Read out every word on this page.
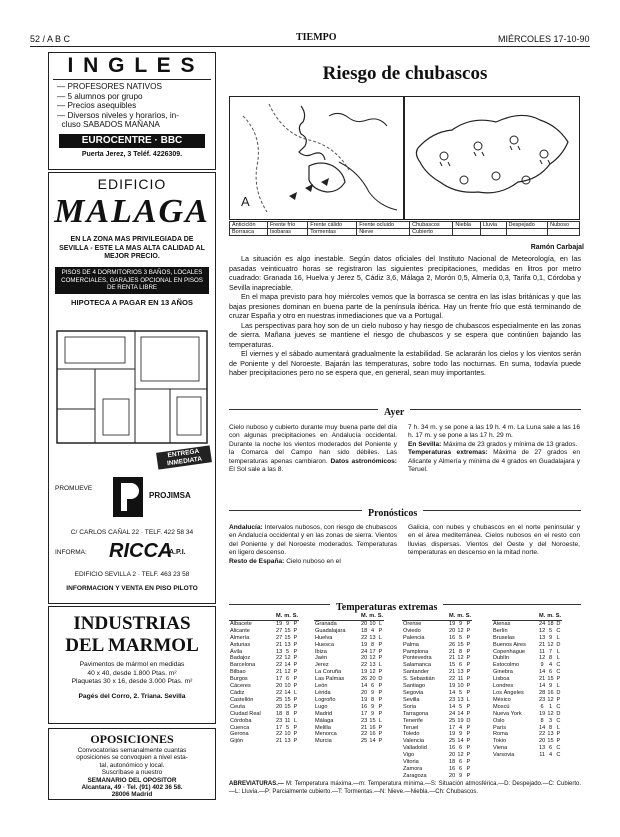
52 / A B C	TIEMPO	MIÉRCOLES 17-10-90
I N G L E S
— PROFESORES NATIVOS
— 5 alumnos por grupo
— Precios asequibles
— Diversos niveles y horarios, in-
cluso SABADOS MAÑANA
EUROCENTRE · BBC
Puerta Jerez, 3 Teléf. 4226309.
EDIFICIO
MALAGA
EN LA ZONA MAS PRIVILEGIADA DE SEVILLA - ESTE LA MAS ALTA CALIDAD AL MEJOR PRECIO.
PISOS DE 4 DORMITORIOS 3 BAÑOS, LOCALES COMERCIALES, GARAJES OPCIONAL EN PISOS DE RENTA LIBRE
HIPOTECA A PAGAR EN 13 AÑOS
ENTREGA INMEDIATA
PROMUEVE
PROJIMSA
C/ CARLOS CAÑAL 22 · TELF. 422 58 34
INFORMA: RICCA
A.P.I.
EDIFICIO SEVILLA 2 · TELF. 463 23 58
INFORMACION Y VENTA EN PISO PILOTO
INDUSTRIAS
DEL MARMOL
Pavimentos de mármol en medidas
40 x 40, desde 1.800 Ptas. m²
Plaquetas 30 x 16, desde 3.000 Ptas. m²
Pagés del Corro, 2. Triana. Sevilla
OPOSICIONES
Convocatorias semanalmente cuantas
oposiciones se convoquen a nivel esta-
tal, autonómico y local.
Suscríbase a nuestro
SEMANARIO DEL OPOSITOR
Alcantara, 49 · Tel. (91) 402 36 58.
28006 Madrid
Riesgo de chubascos
A
Anticiclón	Frente frío	Frente cálido	Frente ocluido	Chubascos	Niebla	Lluvia	Despejado	Nuboso
Borrasca	Isobaras	Tormentas	Nieve	Cubierto				
Ramón Carbajal

La situación es algo inestable. Según datos oficiales del Instituto Nacional de Meteorología, en las pasadas veinticuatro horas se registraron las siguientes precipitaciones, medidas en litros por metro cuadrado: Granada 16, Huelva y Jerez 5, Cádiz 3,6, Málaga 2, Morón 0,5, Almería 0,3, Tarifa 0,1, Córdoba y Sevilla inapreciable.

En el mapa previsto para hoy miércoles vemos que la borrasca se centra en las islas británicas y que las bajas presiones dominan en buena parte de la península ibérica. Hay un frente frío que está terminando de cruzar España y otro en nuestras inmediaciones que va a Portugal.

Las perspectivas para hoy son de un cielo nuboso y hay riesgo de chubascos especialmente en las zonas de sierra. Mañana jueves se mantiene el riesgo de chubascos y se espera que continúen bajando las temperaturas.

El viernes y el sábado aumentará gradualmente la estabilidad. Se aclararán los cielos y los vientos serán de Poniente y del Noroeste. Bajarán las temperaturas, sobre todo las nocturnas. En suma, todavía puede haber precipitaciones pero no se espera que, en general, sean muy importantes.

Ayer
Cielo nuboso y cubierto durante muy buena parte del día con algunas precipitaciones en Andalucía occidental. Durante la noche los vientos moderados del Poniente y la Comarca del Campo han sido débiles. Las temperaturas apenas cambiaron. Datos astronómicos: El Sol sale a las 8.
7 h. 34 m. y se pone a las 19 h. 4 m. La Luna sale a las 16 h. 17 m. y se pone a las 17 h. 29 m.
En Sevilla: Máxima de 23 grados y mínima de 13 grados.
Temperaturas extremas: Máxima de 27 grados en Alicante y Almería y mínima de 4 grados en Guadalajara y Teruel.
Pronósticos
Andalucía: Intervalos nubosos, con riesgo de chubascos en Andalucía occidental y en las zonas de sierra. Vientos del Poniente y del Noroeste moderados. Temperaturas en ligero descenso.
Resto de España: Cielo nuboso en el
Galicia, con nubes y chubascos en el norte peninsular y en el área mediterránea. Cielos nubosos en el resto con lluvias dispersas. Vientos del Oeste y del Noroeste, temperaturas en descenso en la mitad norte.
Temperaturas extremas
	M.	m.	S.
Albacete	19	9	P
Alicante	27	15	P
Almería	27	15	P
Asturias	21	13	P
Ávila	13	5	P
Badajoz	22	12	P
Barcelona	22	14	P
Bilbao	21	12	P
Burgos	17	6	P
Cáceres	20	10	P
Cádiz	22	14	L
Castellón	25	15	P
Ceuta	20	15	P
Ciudad Real	18	8	P
Córdoba	23	11	L
Cuenca	17	5	P
Gerona	22	10	P
Gijón	21	13	P
	M.	m.	S.
Granada	20	10	L
Guadalajara	18	4	P
Huelva	22	13	L
Huesca	19	8	P
Ibiza	24	17	P
Jaén	20	12	P
Jerez	22	13	L
La Coruña	19	12	P
Las Palmas	26	20	D
León	14	6	P
Lérida	20	9	P
Logroño	19	8	P
Lugo	16	9	P
Madrid	17	9	P
Málaga	23	15	L
Melilla	21	16	P
Menorca	22	16	P
Murcia	25	14	P
	M.	m.	S.
Orense	19	9	P
Oviedo	20	12	P
Palencia	16	5	P
Palma	26	15	P
Pamplona	21	8	P
Pontevedra	21	12	P
Salamanca	15	6	P
Santander	21	13	P
S. Sebastián	22	11	P
Santiago	19	10	P
Segovia	14	5	P
Sevilla	23	13	L
Soria	14	5	P
Tarragona	24	14	P
Tenerife	25	19	D
Teruel	17	4	P
Toledo	19	9	P
Valencia	25	14	P
Valladolid	16	6	P
Vigo	20	12	P
Vitoria	18	6	P
Zamora	16	6	P
Zaragoza	20	9	P
	M.	m.	S.
Atenas	24	18	D
Berlín	12	5	C
Bruselas	13	9	L
Buenos Aires	21	12	D
Copenhague	11	7	L
Dublín	12	8	L
Estocolmo	9	4	C
Ginebra	14	6	C
Lisboa	21	15	P
Londres	14	9	L
Los Ángeles	28	16	D
México	23	12	P
Moscú	6	1	C
Nueva York	19	12	D
Oslo	8	3	C
París	14	8	L
Roma	22	13	P
Tokio	20	15	P
Viena	13	6	C
Varsovia	11	4	C
ABREVIATURAS.— M: Temperatura máxima.—m: Temperatura mínima.—S: Situación atmosférica.—D: Despejado.—C: Cubierto.—L: Lluvia.—P: Parcialmente cubierto.—T: Tormentas.—N: Nieve.—Niebla.—Ch: Chubascos.
